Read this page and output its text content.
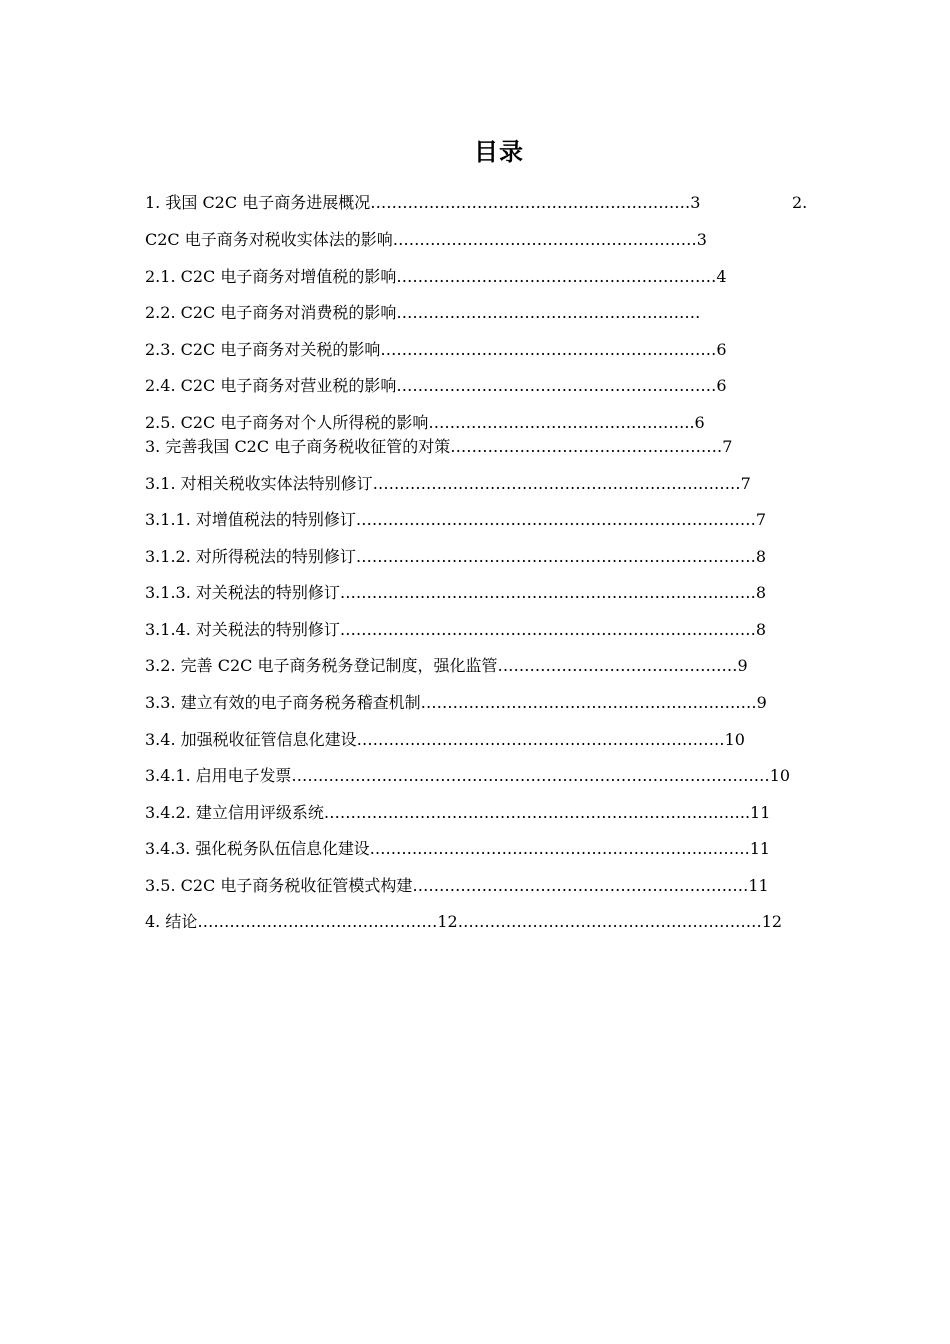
目录
2.
1. 我国 C2C 电子商务进展概况……………………………………………………3
C2C 电子商务对税收实体法的影响…………………………………………………3
2.1. C2C 电子商务对增值税的影响……………………………………………………4
2.2. C2C 电子商务对消费税的影响…………………………………………………
2.3. C2C 电子商务对关税的影响………………………………………………………6
2.4. C2C 电子商务对营业税的影响……………………………………………………6
2.5. C2C 电子商务对个人所得税的影响…………………………………………..6
3. 完善我国 C2C 电子商务税收征管的对策……………………………………………7
3.1. 对相关税收实体法特别修订……………………………………………………………7
3.1.1. 对增值税法的特别修订…………………………………………………………………7
3.1.2. 对所得税法的特别修订…………………………………………………………………8
3.1.3. 对关税法的特别修订……………………………………………………………………8
3.1.4. 对关税法的特别修订……………………………………………………………………8
3.2. 完善 C2C 电子商务税务登记制度，强化监管………………………………………9
3.3. 建立有效的电子商务税务稽查机制………………………………………………………9
3.4. 加强税收征管信息化建设……………………………………………………………10
3.4.1. 启用电子发票………………………………………………………………………………10
3.4.2. 建立信用评级系统……………………………………………………………………..11
3.4.3. 强化税务队伍信息化建设………………………………………………………………11
3.5. C2C 电子商务税收征管模式构建………………………………………………………11
4. 结论………………………………………12…………………………………………………12
